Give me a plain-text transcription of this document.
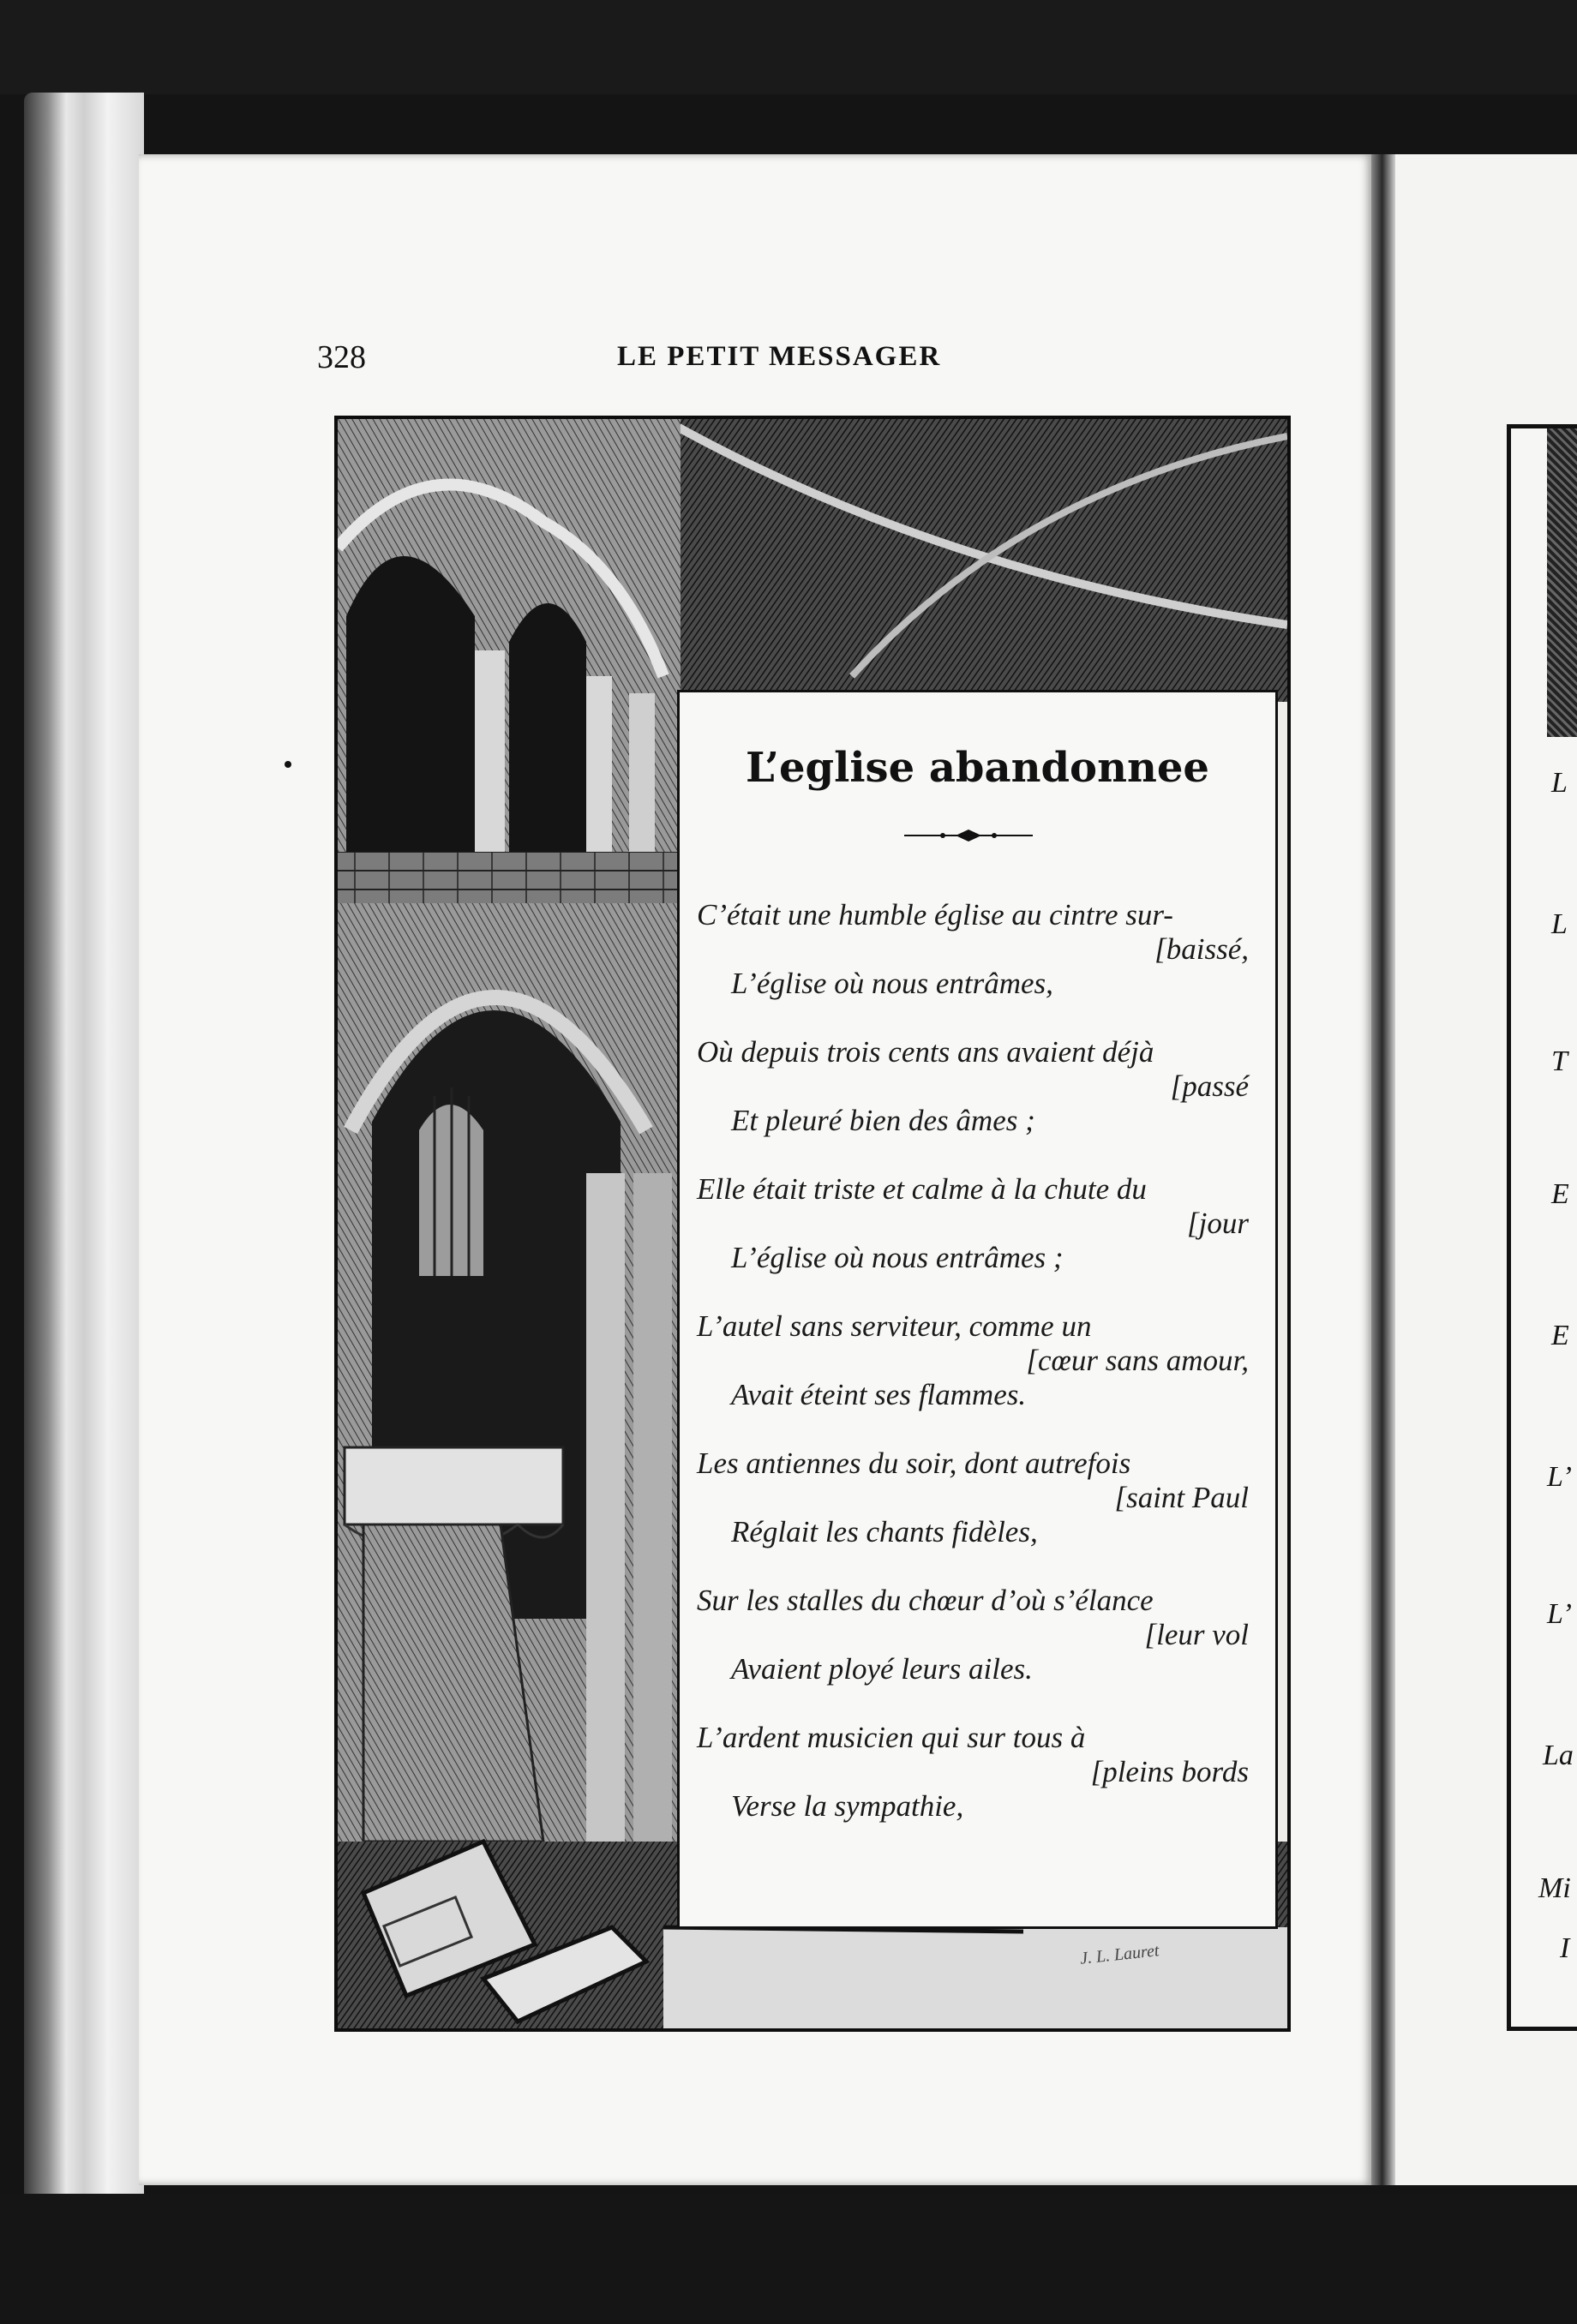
L
L
T
E
E
L’
L’
La
Mi
I
328	LE PETIT MESSAGER
L’eglise abandonnee
C’était une humble église au cintre sur-
[baissé,
L’église où nous entrâmes,
Où depuis trois cents ans avaient déjà
[passé
Et pleuré bien des âmes ;
Elle était triste et calme à la chute du
[jour
L’église où nous entrâmes ;
L’autel sans serviteur, comme un
[cœur sans amour,
Avait éteint ses flammes.
Les antiennes du soir, dont autrefois
[saint Paul
Réglait les chants fidèles,
Sur les stalles du chœur d’où s’élance
[leur vol
Avaient ployé leurs ailes.
L’ardent musicien qui sur tous à
[pleins bords
Verse la sympathie,
J. L. Lauret
